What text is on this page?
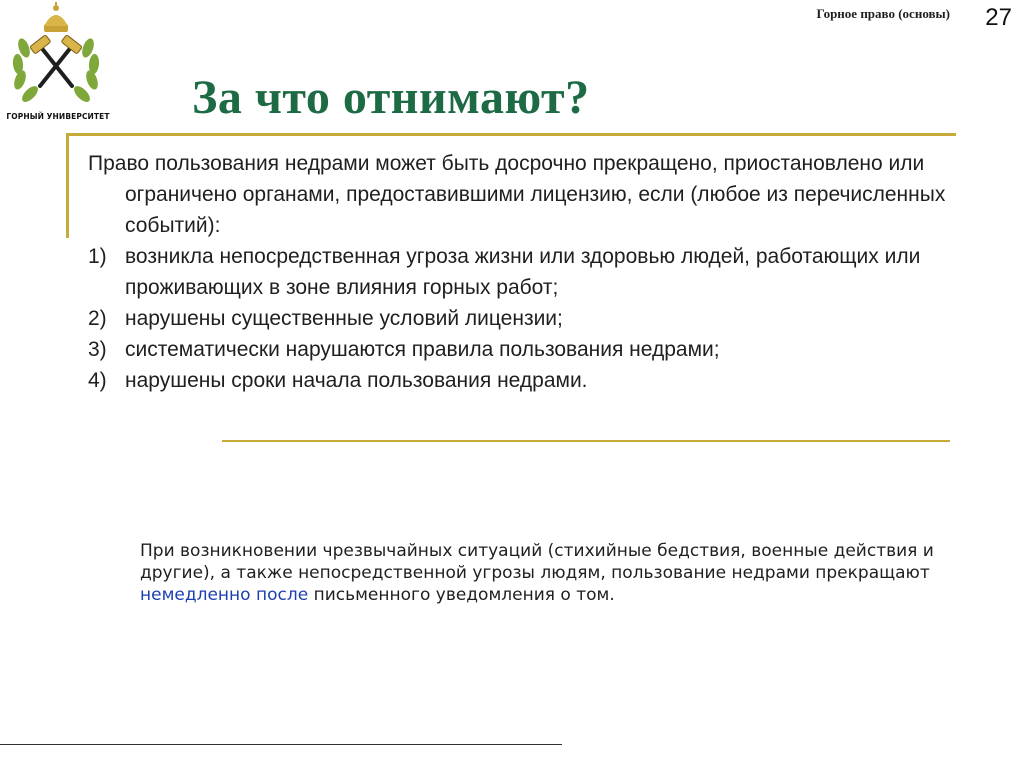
ГОРНЫЙ УНИВЕРСИТЕТ
Горное право (основы)	27
За что отнимают?

Право пользования недрами может быть досрочно прекращено, приостановлено или ограничено органами, предоставившими лицензию, если (любое из перечисленных событий):

1) возникла непосредственная угроза жизни или здоровью людей, работающих или проживающих в зоне влияния горных работ;
2) нарушены существенные условий лицензии;
3) систематически нарушаются правила пользования недрами;
4) нарушены сроки начала пользования недрами.
При возникновении чрезвычайных ситуаций (стихийные бедствия, военные действия и другие), а также непосредственной угрозы людям, пользование недрами прекращают немедленно после письменного уведомления о том.
